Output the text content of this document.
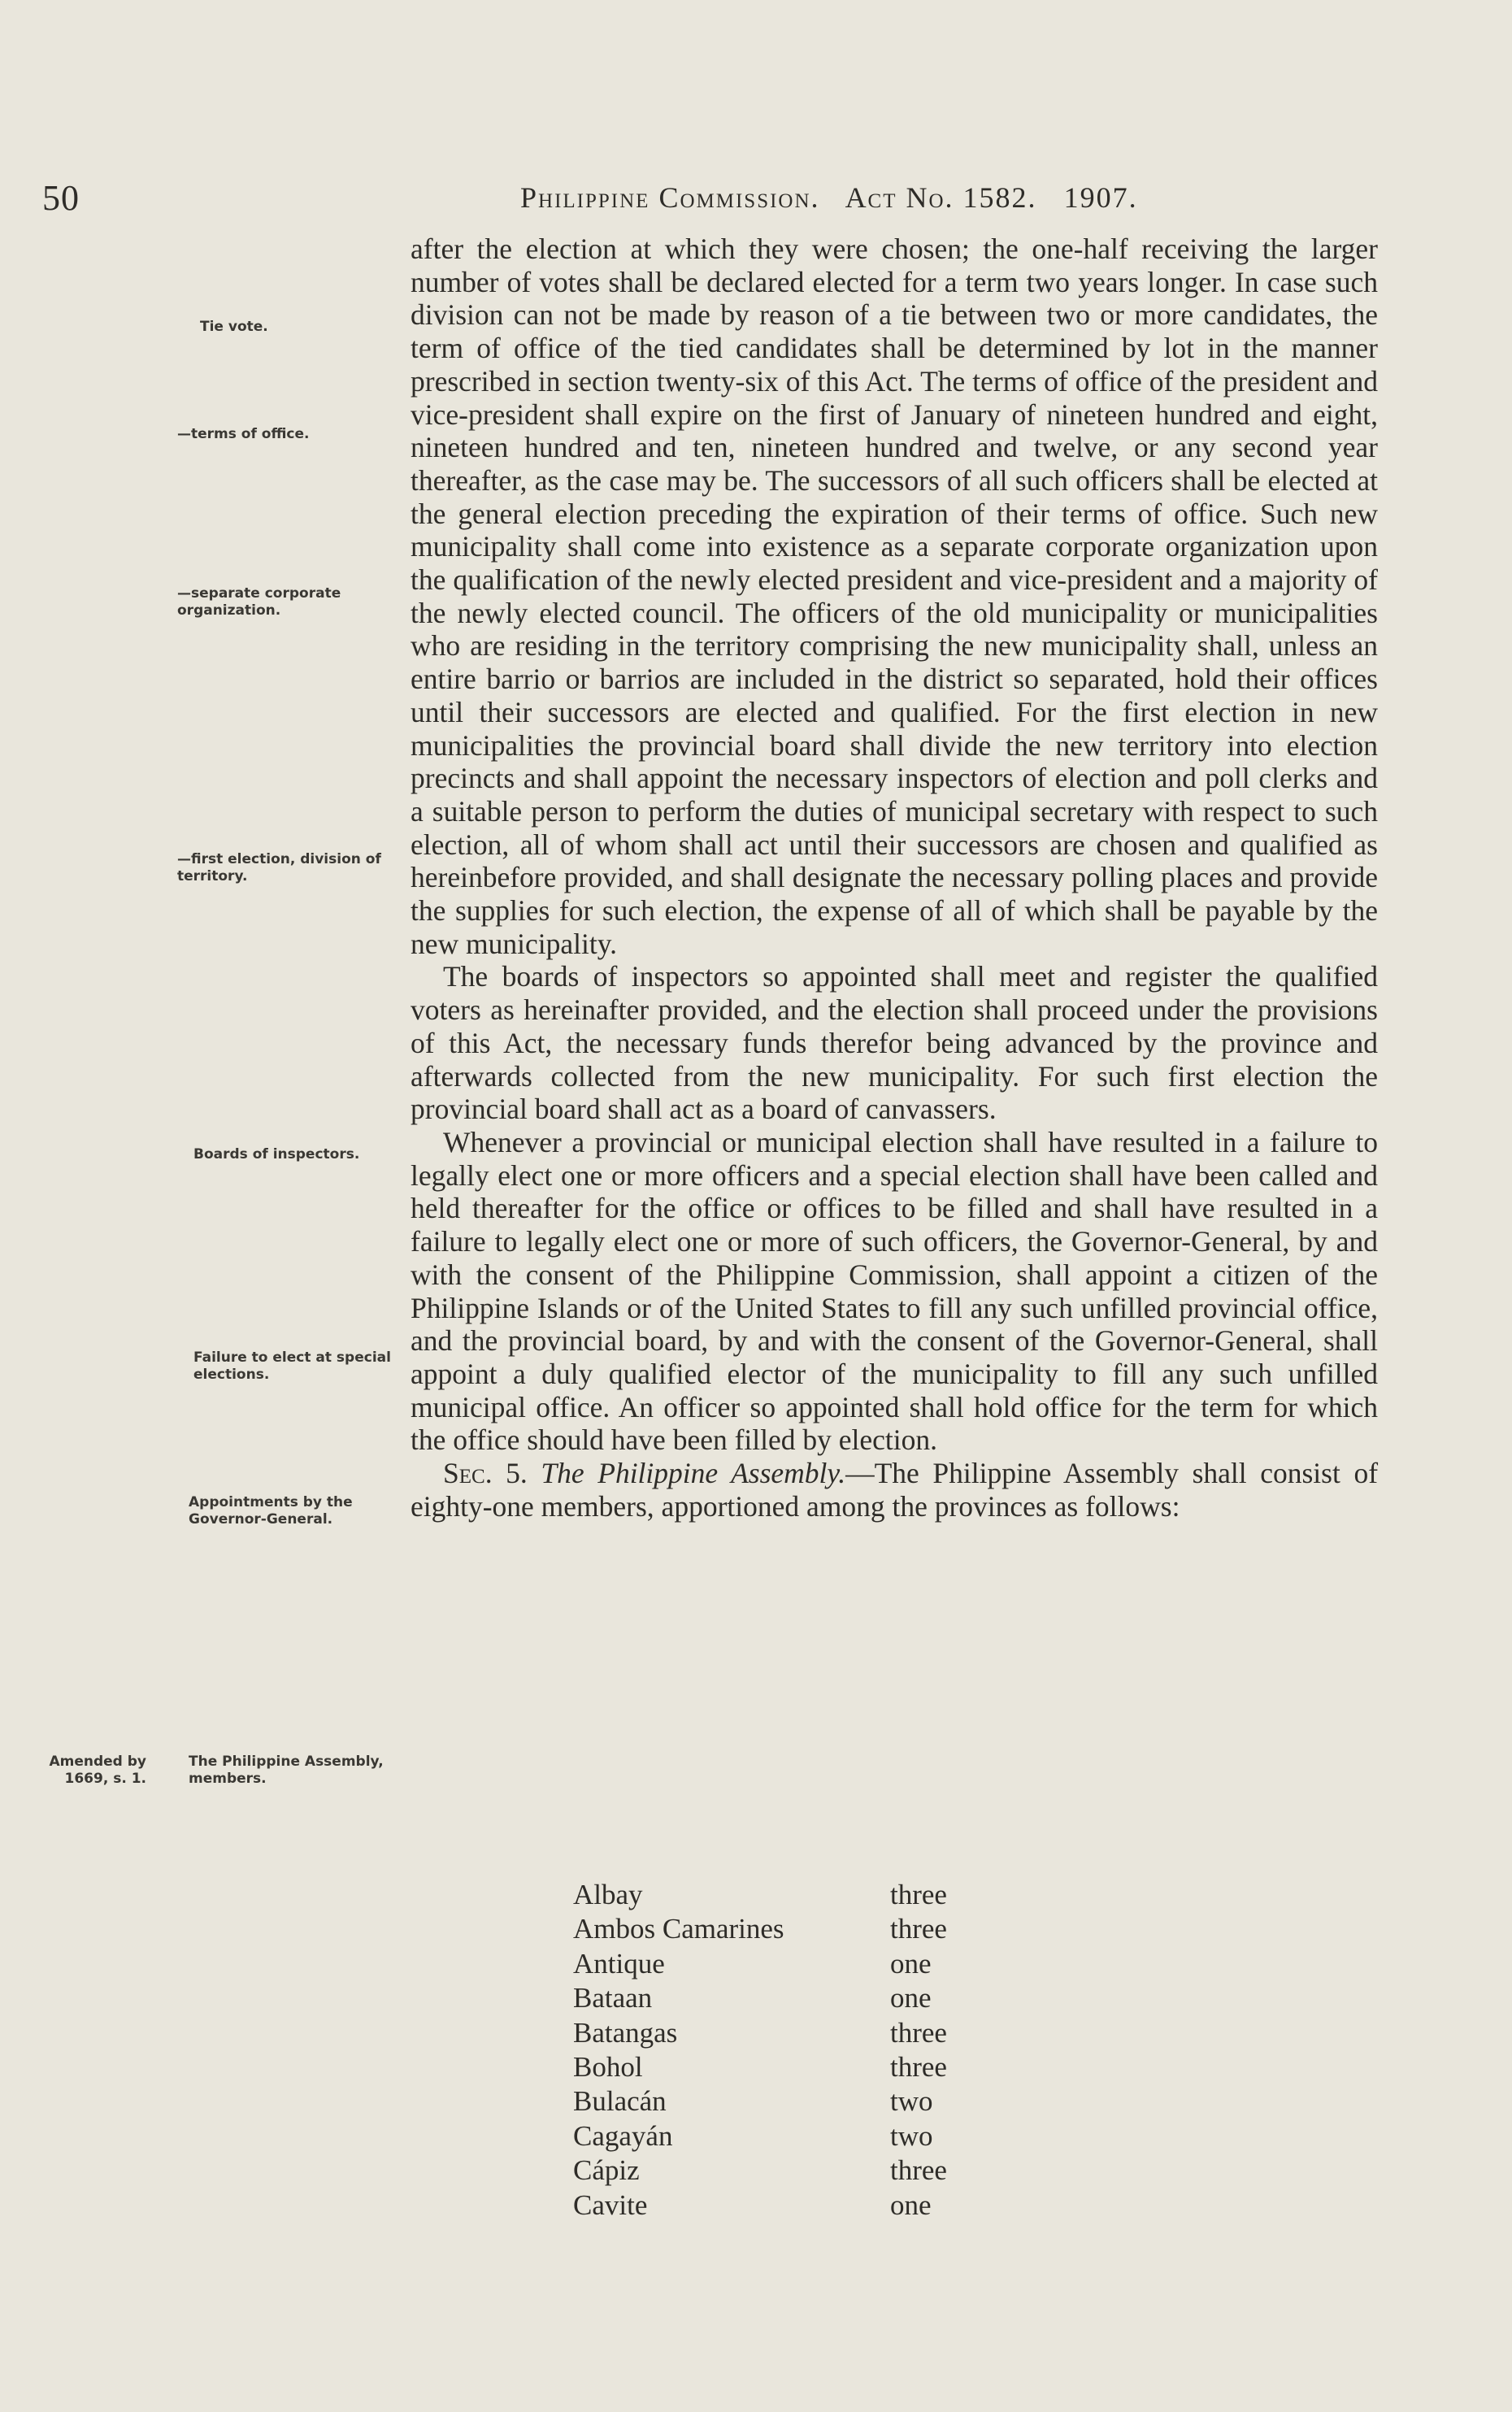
50	Philippine Commission. Act No. 1582. 1907.
Tie vote.
—terms of office.
—separate corporate organization.
—first election, division of territory.
Boards of inspectors.
Failure to elect at special elections.
Appointments by the Governor-General.
Amended by 1669, s. 1.
The Philippine Assembly, members.

after the election at which they were chosen; the one-half receiving the larger number of votes shall be declared elected for a term two years longer. In case such division can not be made by reason of a tie between two or more candidates, the term of office of the tied candidates shall be determined by lot in the manner prescribed in section twenty-six of this Act. The terms of office of the president and vice-president shall expire on the first of January of nineteen hundred and eight, nineteen hundred and ten, nineteen hundred and twelve, or any second year thereafter, as the case may be. The successors of all such officers shall be elected at the general election preceding the expiration of their terms of office. Such new municipality shall come into existence as a separate corporate organization upon the qualification of the newly elected president and vice-president and a majority of the newly elected council. The officers of the old municipality or municipalities who are residing in the territory comprising the new municipality shall, unless an entire barrio or barrios are included in the district so separated, hold their offices until their successors are elected and qualified. For the first election in new municipalities the provincial board shall divide the new territory into election precincts and shall appoint the necessary inspectors of election and poll clerks and a suitable person to perform the duties of municipal secretary with respect to such election, all of whom shall act until their successors are chosen and qualified as hereinbefore provided, and shall designate the necessary polling places and provide the supplies for such election, the expense of all of which shall be payable by the new municipality.

The boards of inspectors so appointed shall meet and register the qualified voters as hereinafter provided, and the election shall proceed under the provisions of this Act, the necessary funds therefor being advanced by the province and afterwards collected from the new municipality. For such first election the provincial board shall act as a board of canvassers.

Whenever a provincial or municipal election shall have resulted in a failure to legally elect one or more officers and a special election shall have been called and held thereafter for the office or offices to be filled and shall have resulted in a failure to legally elect one or more of such officers, the Governor-General, by and with the consent of the Philippine Commission, shall appoint a citizen of the Philippine Islands or of the United States to fill any such unfilled provincial office, and the provincial board, by and with the consent of the Governor-General, shall appoint a duly qualified elector of the municipality to fill any such unfilled municipal office. An officer so appointed shall hold office for the term for which the office should have been filled by election.

Sec. 5. The Philippine Assembly.—The Philippine Assembly shall consist of eighty-one members, apportioned among the provinces as follows:

Albay	three
Ambos Camarines	three
Antique	one
Bataan	one
Batangas	three
Bohol	three
Bulacán	two
Cagayán	two
Cápiz	three
Cavite	one
